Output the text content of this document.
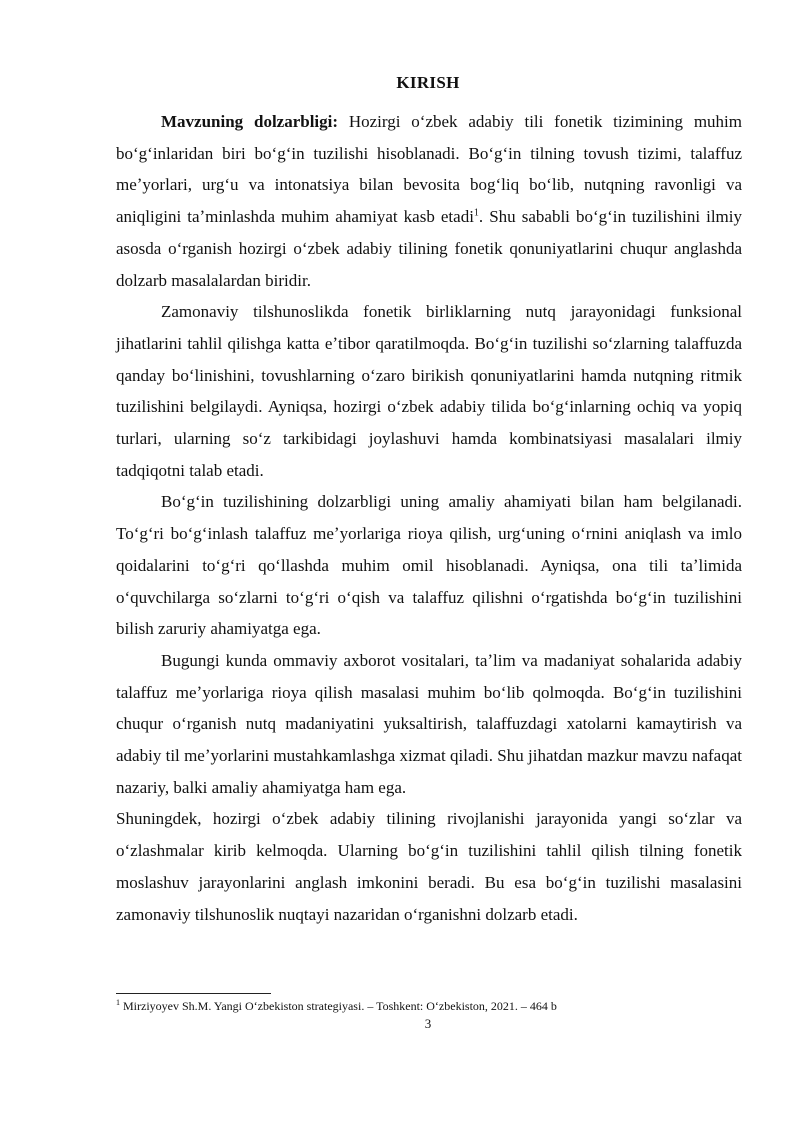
KIRISH

Mavzuning dolzarbligi: Hozirgi oʻzbek adabiy tili fonetik tizimining muhim boʻgʻinlaridan biri boʻgʻin tuzilishi hisoblanadi. Boʻgʻin tilning tovush tizimi, talaffuz meʼyorlari, urgʻu va intonatsiya bilan bevosita bogʻliq boʻlib, nutqning ravonligi va aniqligini taʼminlashda muhim ahamiyat kasb etadi$^1$. Shu sababli boʻgʻin tuzilishini ilmiy asosda oʻrganish hozirgi oʻzbek adabiy tilining fonetik qonuniyatlarini chuqur anglashda dolzarb masalalardan biridir.

Zamonaviy tilshunoslikda fonetik birliklarning nutq jarayonidagi funksional jihatlarini tahlil qilishga katta eʼtibor qaratilmoqda. Boʻgʻin tuzilishi soʻzlarning talaffuzda qanday boʻlinishini, tovushlarning oʻzaro birikish qonuniyatlarini hamda nutqning ritmik tuzilishini belgilaydi. Ayniqsa, hozirgi oʻzbek adabiy tilida boʻgʻinlarning ochiq va yopiq turlari, ularning soʻz tarkibidagi joylashuvi hamda kombinatsiyasi masalalari ilmiy tadqiqotni talab etadi.

Boʻgʻin tuzilishining dolzarbligi uning amaliy ahamiyati bilan ham belgilanadi. Toʻgʻri boʻgʻinlash talaffuz meʼyorlariga rioya qilish, urgʻuning oʻrnini aniqlash va imlo qoidalarini toʻgʻri qoʻllashda muhim omil hisoblanadi. Ayniqsa, ona tili taʼlimida oʻquvchilarga soʻzlarni toʻgʻri oʻqish va talaffuz qilishni oʻrgatishda boʻgʻin tuzilishini bilish zaruriy ahamiyatga ega.

Bugungi kunda ommaviy axborot vositalari, taʼlim va madaniyat sohalarida adabiy talaffuz meʼyorlariga rioya qilish masalasi muhim boʻlib qolmoqda. Boʻgʻin tuzilishini chuqur oʻrganish nutq madaniyatini yuksaltirish, talaffuzdagi xatolarni kamaytirish va adabiy til meʼyorlarini mustahkamlashga xizmat qiladi. Shu jihatdan mazkur mavzu nafaqat nazariy, balki amaliy ahamiyatga ham ega.

Shuningdek, hozirgi oʻzbek adabiy tilining rivojlanishi jarayonida yangi soʻzlar va oʻzlashmalar kirib kelmoqda. Ularning boʻgʻin tuzilishini tahlil qilish tilning fonetik moslashuv jarayonlarini anglash imkonini beradi. Bu esa boʻgʻin tuzilishi masalasini zamonaviy tilshunoslik nuqtayi nazaridan oʻrganishni dolzarb etadi.

$^1$ Mirziyoyev Sh.M. Yangi Oʻzbekiston strategiyasi. – Toshkent: Oʻzbekiston, 2021. – 464 b
3
